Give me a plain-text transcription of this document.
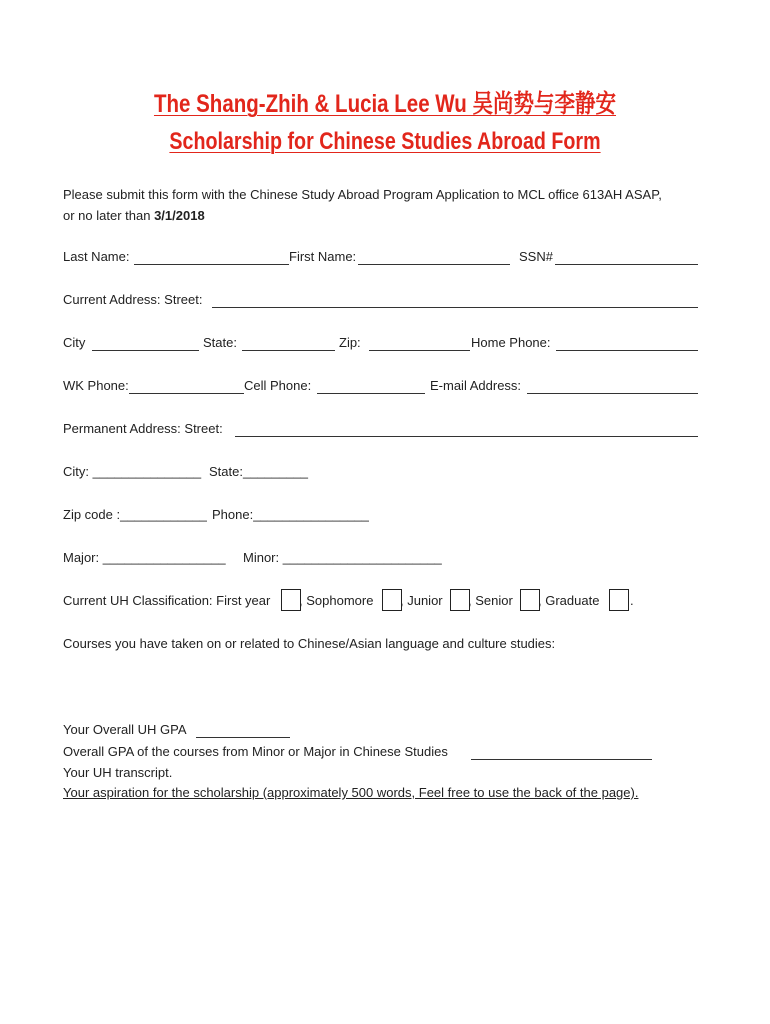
The Shang-Zhih & Lucia Lee Wu 吴尚势与李静安
Scholarship for Chinese Studies Abroad Form
Please submit this form with the Chinese Study Abroad Program Application to MCL office 613AH ASAP,
or no later than 3/1/2018
Last Name:	First Name:	SSN#
Current Address: Street:
City	State:	Zip:	Home Phone:
WK Phone:	Cell Phone:	E-mail Address:
Permanent Address: Street:
City: _______________ State:_________
Zip code :____________ Phone:________________
Major: _________________ Minor: ______________________
Current UH Classification: First year , Sophomore , Junior , Senior , Graduate .
Courses you have taken on or related to Chinese/Asian language and culture studies:
Your Overall UH GPA
Overall GPA of the courses from Minor or Major in Chinese Studies
Your UH transcript.
Your aspiration for the scholarship (approximately 500 words, Feel free to use the back of the page).
